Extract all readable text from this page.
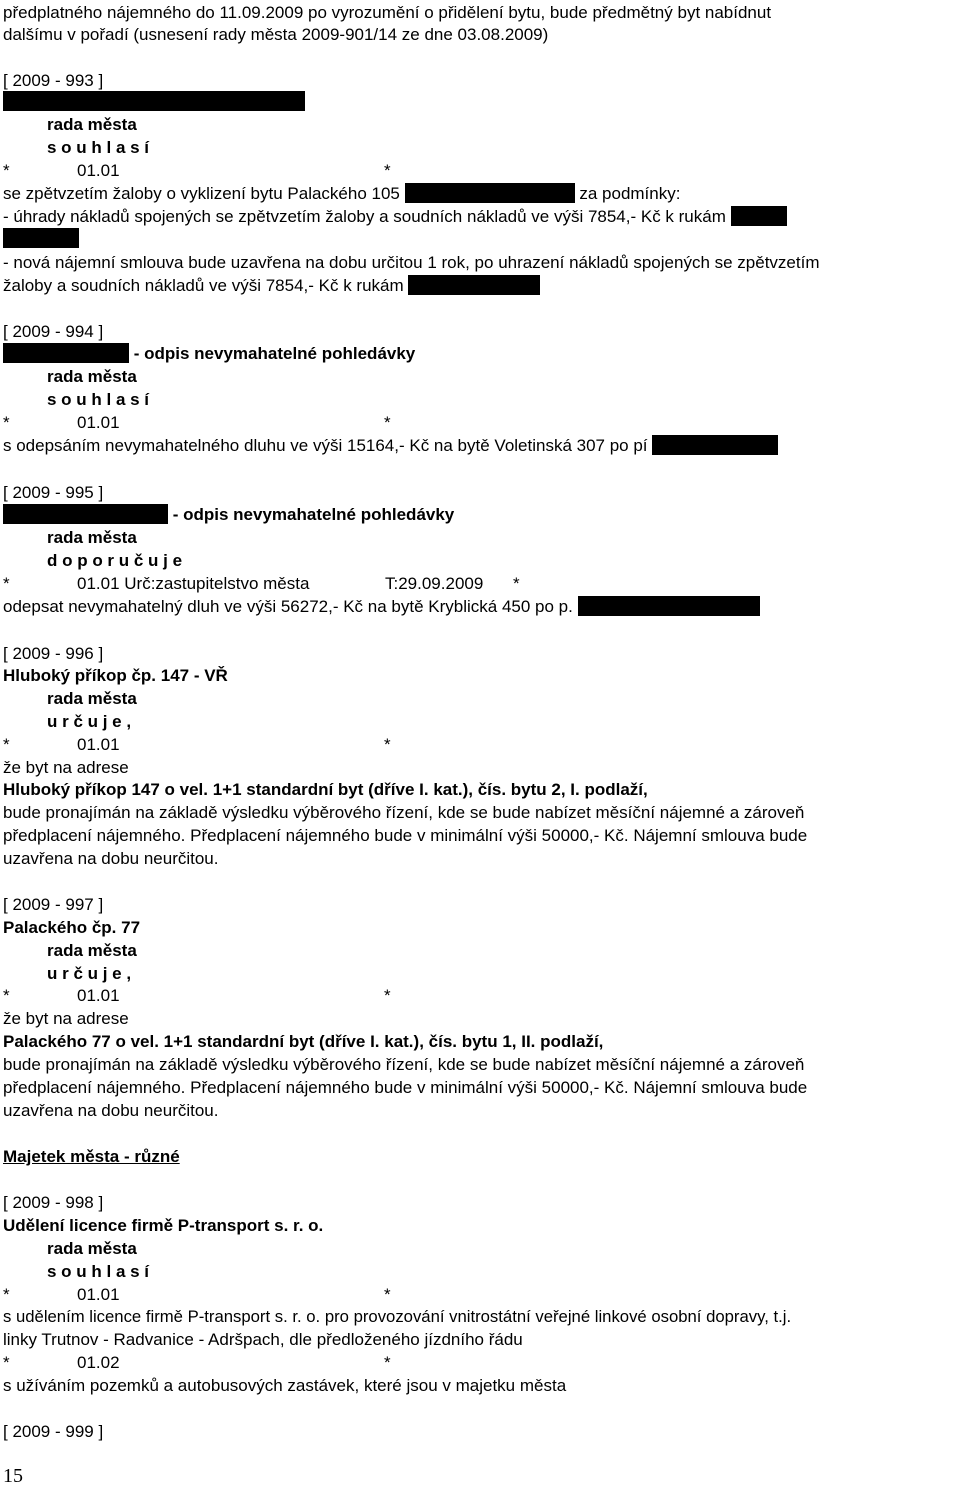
předplatného nájemného do 11.09.2009 po vyrozumění o přidělení bytu, bude předmětný byt nabídnut
dalšímu v pořadí (usnesení rady města 2009-901/14 ze dne 03.08.2009)
[ 2009 - 993 ]
rada města
s o u h l a s í
*	01.01	*
se zpětvzetím žaloby o vyklizení bytu Palackého 105	za podmínky:
- úhrady nákladů spojených se zpětvzetím žaloby a soudních nákladů ve výši 7854,- Kč k rukám
- nová nájemní smlouva bude uzavřena na dobu určitou 1 rok, po uhrazení nákladů spojených se zpětvzetím
žaloby a soudních nákladů ve výši 7854,- Kč k rukám
[ 2009 - 994 ]
- odpis nevymahatelné pohledávky
rada města
s o u h l a s í
*	01.01	*
s odepsáním nevymahatelného dluhu ve výši 15164,- Kč na bytě Voletinská 307 po pí
[ 2009 - 995 ]
- odpis nevymahatelné pohledávky
rada města
d o p o r u č u j e
*	01.01 Urč:zastupitelstvo města	T:29.09.2009 *
odepsat nevymahatelný dluh ve výši 56272,- Kč na bytě Kryblická 450 po p.
[ 2009 - 996 ]
Hluboký příkop čp. 147 - VŘ
rada města
u r č u j e ,
*	01.01	*
že byt na adrese
Hluboký příkop 147 o vel. 1+1 standardní byt (dříve I. kat.), čís. bytu 2, I. podlaží,
bude pronajímán na základě výsledku výběrového řízení, kde se bude nabízet měsíční nájemné a zároveň
předplacení nájemného. Předplacení nájemného bude v minimální výši 50000,- Kč. Nájemní smlouva bude
uzavřena na dobu neurčitou.
[ 2009 - 997 ]
Palackého čp. 77
rada města
u r č u j e ,
*	01.01	*
že byt na adrese
Palackého 77 o vel. 1+1 standardní byt (dříve I. kat.), čís. bytu 1, II. podlaží,
bude pronajímán na základě výsledku výběrového řízení, kde se bude nabízet měsíční nájemné a zároveň
předplacení nájemného. Předplacení nájemného bude v minimální výši 50000,- Kč. Nájemní smlouva bude
uzavřena na dobu neurčitou.
Majetek města - různé
[ 2009 - 998 ]
Udělení licence firmě P-transport s. r. o.
rada města
s o u h l a s í
*	01.01	*
s udělením licence firmě P-transport s. r. o. pro provozování vnitrostátní veřejné linkové osobní dopravy, t.j.
linky Trutnov - Radvanice - Adršpach, dle předloženého jízdního řádu
*	01.02	*
s užíváním pozemků a autobusových zastávek, které jsou v majetku města
[ 2009 - 999 ]
15
